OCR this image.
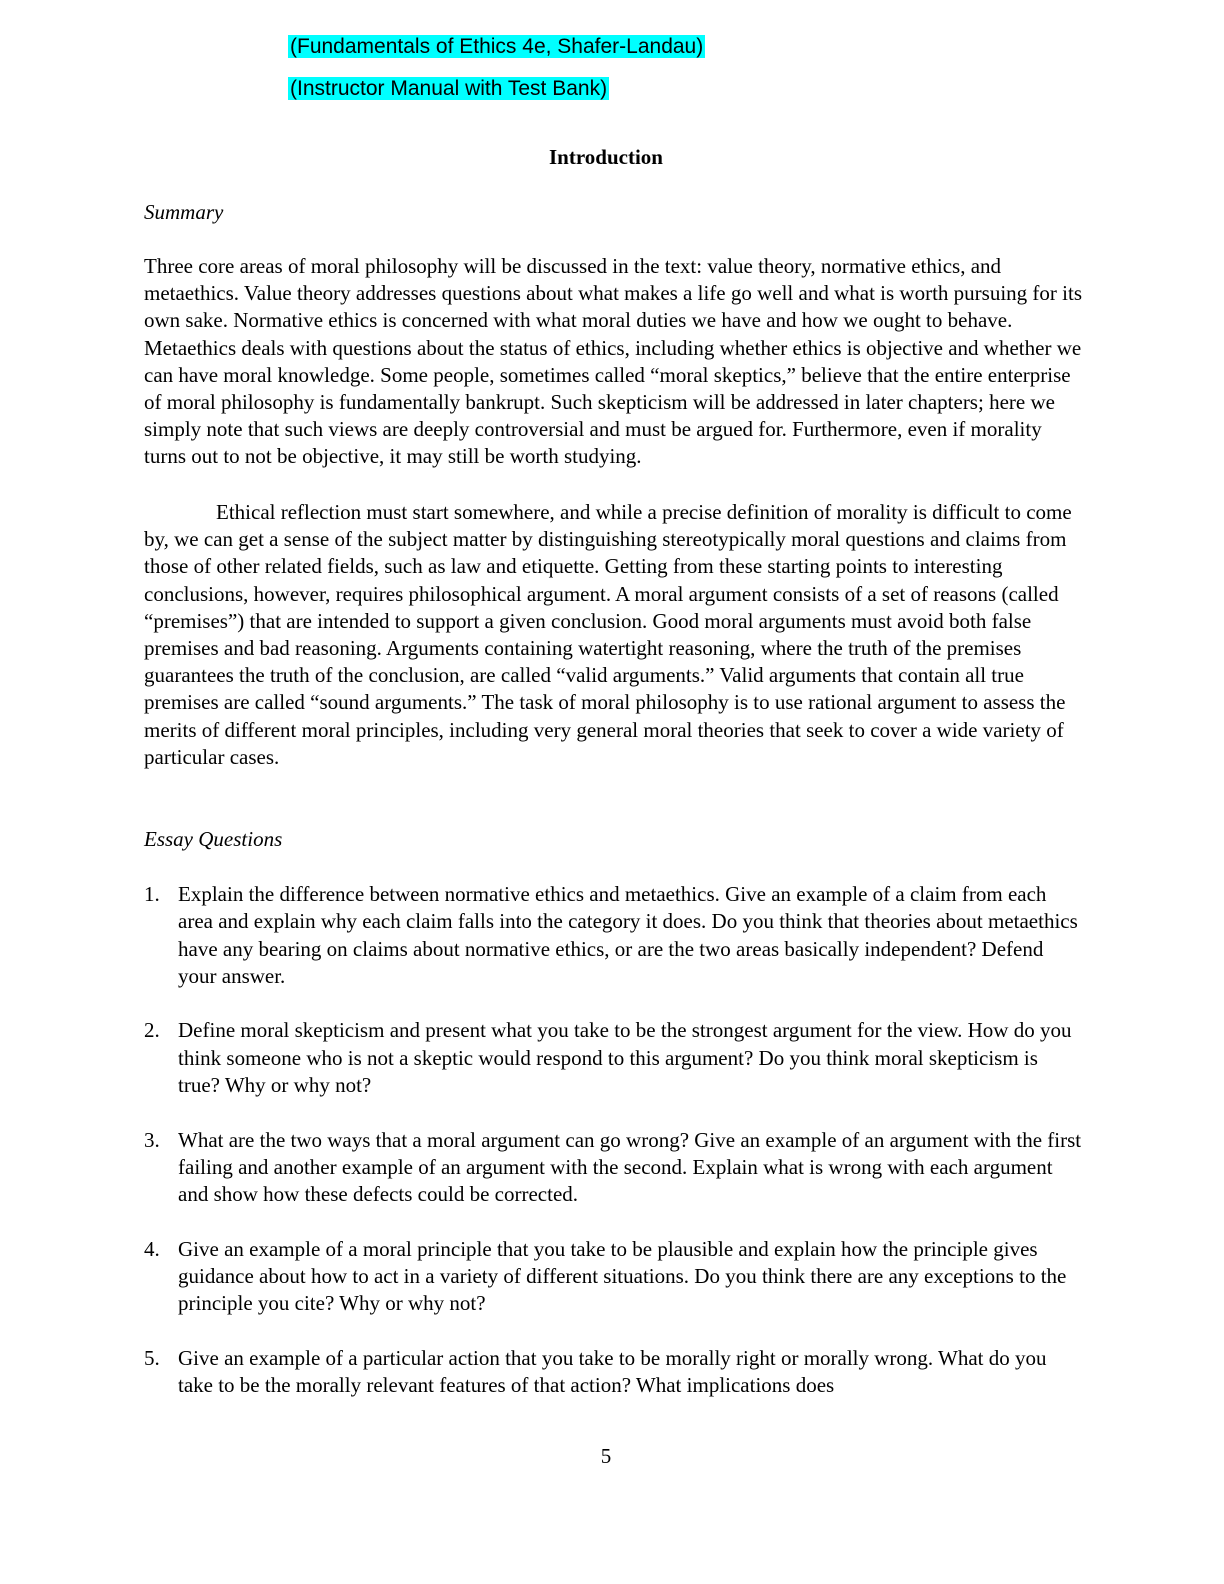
(Fundamentals of Ethics 4e, Shafer-Landau)
(Instructor Manual with Test Bank)
Introduction
Summary

Three core areas of moral philosophy will be discussed in the text: value theory, normative ethics, and metaethics. Value theory addresses questions about what makes a life go well and what is worth pursuing for its own sake. Normative ethics is concerned with what moral duties we have and how we ought to behave. Metaethics deals with questions about the status of ethics, including whether ethics is objective and whether we can have moral knowledge. Some people, sometimes called “moral skeptics,” believe that the entire enterprise of moral philosophy is fundamentally bankrupt. Such skepticism will be addressed in later chapters; here we simply note that such views are deeply controversial and must be argued for. Furthermore, even if morality turns out to not be objective, it may still be worth studying.

Ethical reflection must start somewhere, and while a precise definition of morality is difficult to come by, we can get a sense of the subject matter by distinguishing stereotypically moral questions and claims from those of other related fields, such as law and etiquette. Getting from these starting points to interesting conclusions, however, requires philosophical argument. A moral argument consists of a set of reasons (called “premises”) that are intended to support a given conclusion. Good moral arguments must avoid both false premises and bad reasoning. Arguments containing watertight reasoning, where the truth of the premises guarantees the truth of the conclusion, are called “valid arguments.” Valid arguments that contain all true premises are called “sound arguments.” The task of moral philosophy is to use rational argument to assess the merits of different moral principles, including very general moral theories that seek to cover a wide variety of particular cases.

Essay Questions
1. Explain the difference between normative ethics and metaethics. Give an example of a claim from each area and explain why each claim falls into the category it does. Do you think that theories about metaethics have any bearing on claims about normative ethics, or are the two areas basically independent? Defend your answer.
2. Define moral skepticism and present what you take to be the strongest argument for the view. How do you think someone who is not a skeptic would respond to this argument? Do you think moral skepticism is true? Why or why not?
3. What are the two ways that a moral argument can go wrong? Give an example of an argument with the first failing and another example of an argument with the second. Explain what is wrong with each argument and show how these defects could be corrected.
4. Give an example of a moral principle that you take to be plausible and explain how the principle gives guidance about how to act in a variety of different situations. Do you think there are any exceptions to the principle you cite? Why or why not?
5. Give an example of a particular action that you take to be morally right or morally wrong. What do you take to be the morally relevant features of that action? What implications does
5
